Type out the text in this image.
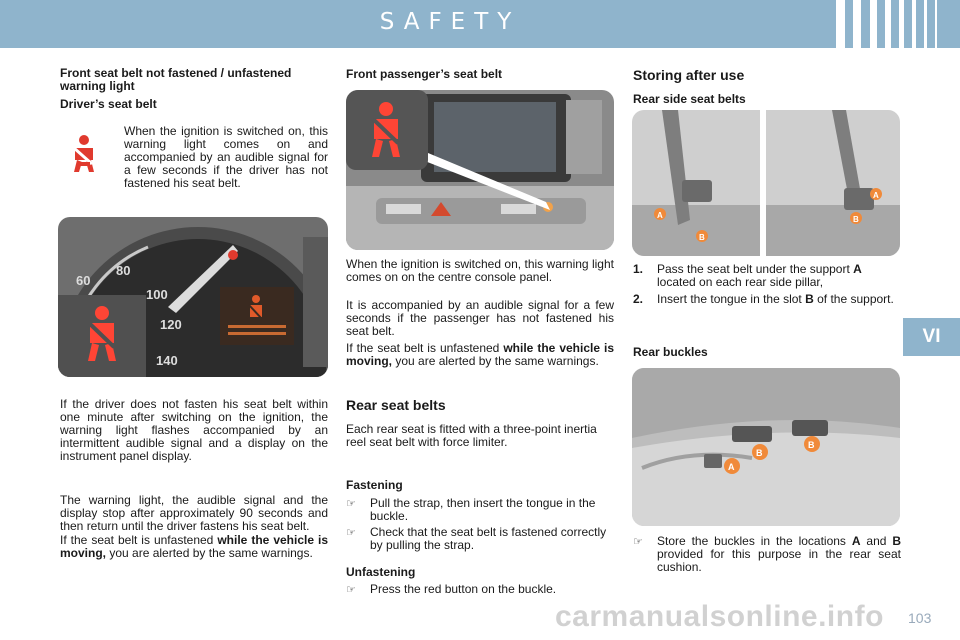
SAFETY
VI

Front seat belt not fastened / unfastened warning light

Driver’s seat belt

When the ignition is switched on, this warning light comes on and accompanied by an audible signal for a few seconds if the driver has not fastened his seat belt.

60
80
100
120
140

If the driver does not fasten his seat belt within one minute after switching on the ignition, the warning light flashes accompanied by an intermittent audible signal and a display on the instrument panel display.

The warning light, the audible signal and the display stop after approximately 90 seconds and then return until the driver fastens his seat belt.

If the seat belt is unfastened while the vehicle is moving, you are alerted by the same warnings.

Front passenger’s seat belt

When the ignition is switched on, this warning light comes on on the centre console panel.

It is accompanied by an audible signal for a few seconds if the passenger has not fastened his seat belt.

If the seat belt is unfastened while the vehicle is moving, you are alerted by the same warnings.

Rear seat belts

Each rear seat is fitted with a three-point inertia reel seat belt with force limiter.

Fastening

☞	Pull the strap, then insert the tongue in the buckle.
☞	Check that the seat belt is fastened correctly by pulling the strap.

Unfastening

☞	Press the red button on the buckle.

Storing after use

Rear side seat belts

A
B
A
B
1.	Pass the seat belt under the support A located on each rear side pillar,
2.	Insert the tongue in the slot B of the support.

Rear buckles

A
B
B
☞	Store the buckles in the locations A and B provided for this purpose in the rear seat cushion.
103
carmanualsonline.info
